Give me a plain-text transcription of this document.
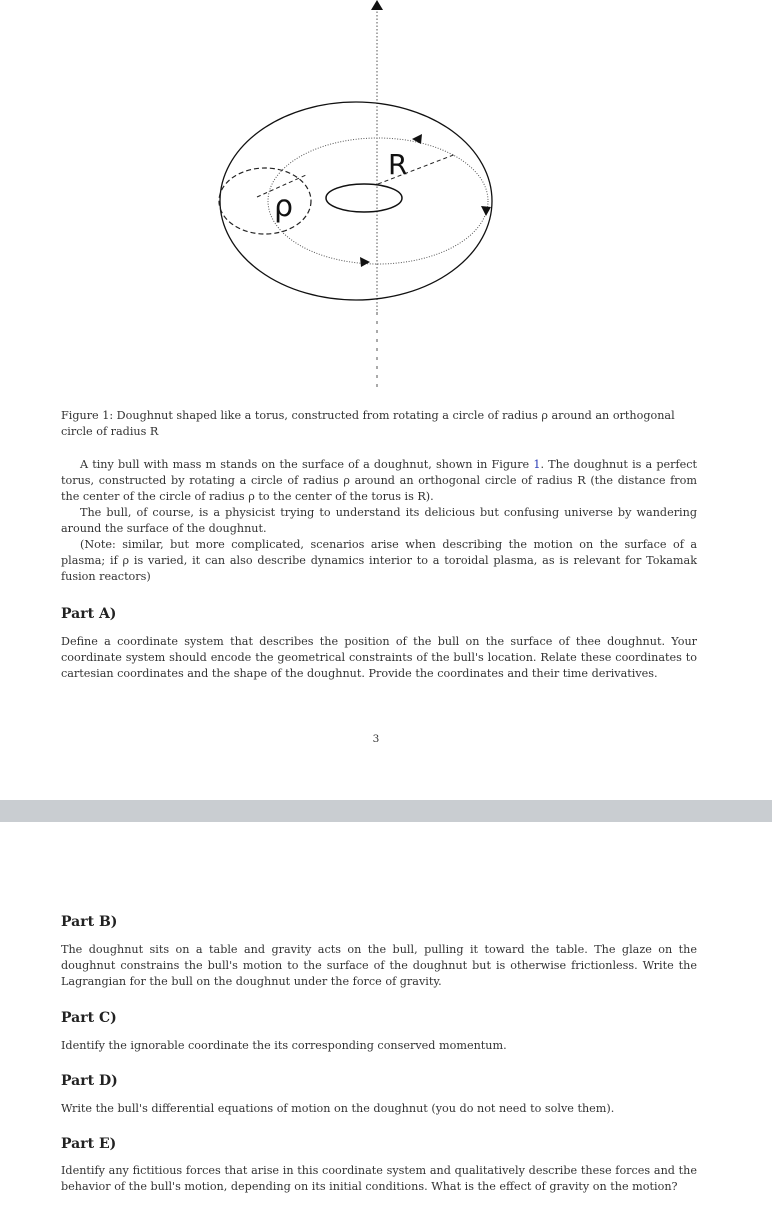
R
ρ
Figure 1: Doughnut shaped like a torus, constructed from rotating a circle of radius ρ around an orthogonal circle of radius R

A tiny bull with mass m stands on the surface of a doughnut, shown in Figure 1. The doughnut is a perfect torus, constructed by rotating a circle of radius ρ around an orthogonal circle of radius R (the distance from the center of the circle of radius ρ to the center of the torus is R).

The bull, of course, is a physicist trying to understand its delicious but confusing universe by wandering around the surface of the doughnut.

(Note: similar, but more complicated, scenarios arise when describing the motion on the surface of a plasma; if ρ is varied, it can also describe dynamics interior to a toroidal plasma, as is relevant for Tokamak fusion reactors)

Part A)

Define a coordinate system that describes the position of the bull on the surface of thee doughnut. Your coordinate system should encode the geometrical constraints of the bull's location. Relate these coordinates to cartesian coordinates and the shape of the doughnut. Provide the coordinates and their time derivatives.

3
Part B)

The doughnut sits on a table and gravity acts on the bull, pulling it toward the table. The glaze on the doughnut constrains the bull's motion to the surface of the doughnut but is otherwise frictionless. Write the Lagrangian for the bull on the doughnut under the force of gravity.

Part C)

Identify the ignorable coordinate the its corresponding conserved momentum.

Part D)

Write the bull's differential equations of motion on the doughnut (you do not need to solve them).

Part E)

Identify any fictitious forces that arise in this coordinate system and qualitatively describe these forces and the behavior of the bull's motion, depending on its initial conditions. What is the effect of gravity on the motion?
